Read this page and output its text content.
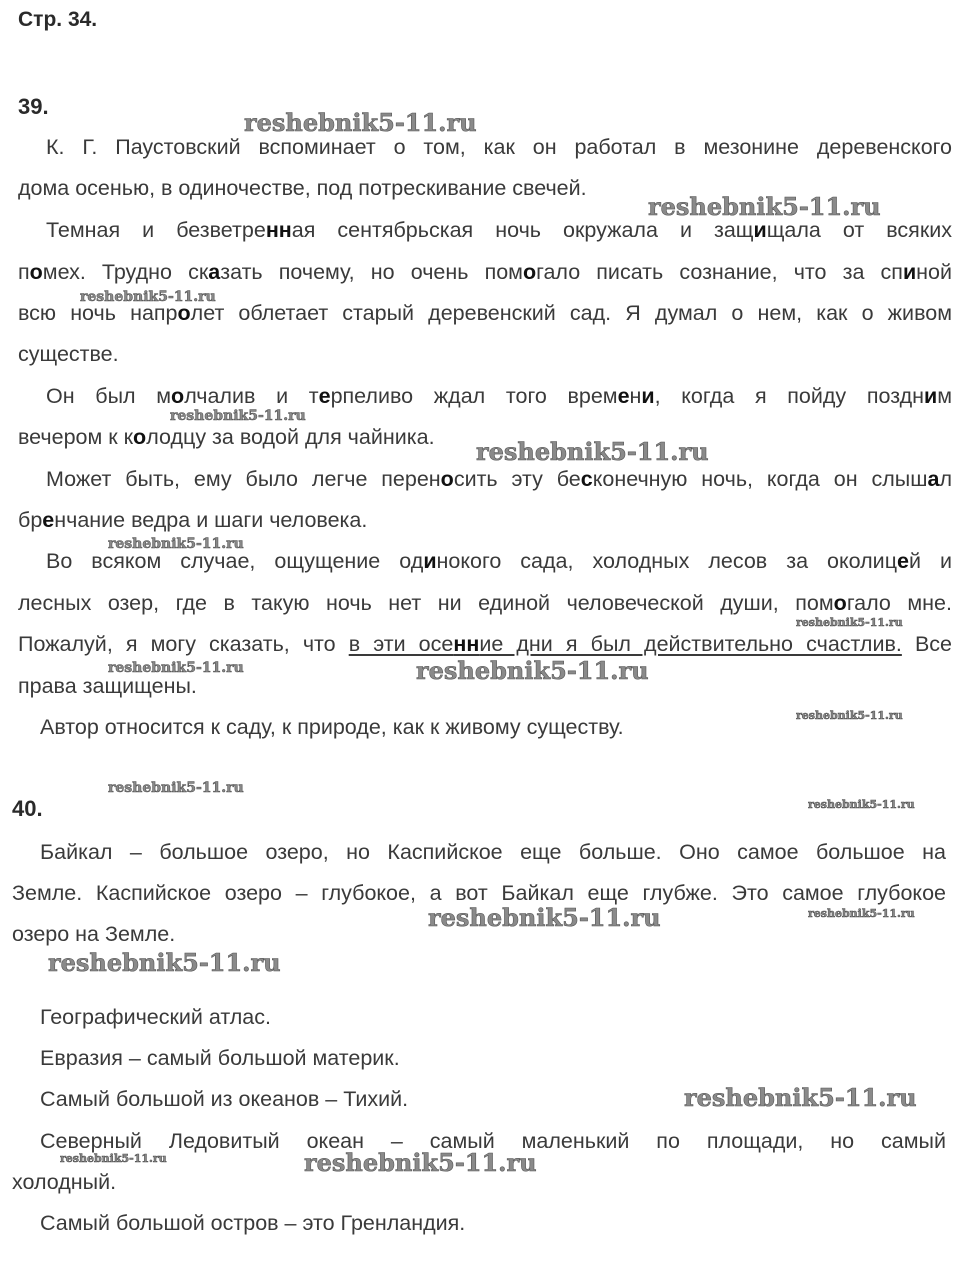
Стр. 34.
39.
К. Г. Паустовский вспоминает о том, как он работал в мезонине деревенского
дома осенью, в одиночестве, под потрескивание свечей.
Темная и безветренная сентябрьская ночь окружала и защищала от всяких
помех. Трудно сказать почему, но очень помогало писать сознание, что за спиной
всю ночь напролет облетает старый деревенский сад. Я думал о нем, как о живом
существе.
Он был молчалив и терпеливо ждал того времени, когда я пойду поздним
вечером к колодцу за водой для чайника.
Может быть, ему было легче переносить эту бесконечную ночь, когда он слышал
бренчание ведра и шаги человека.
Во всяком случае, ощущение одинокого сада, холодных лесов за околицей и
лесных озер, где в такую ночь нет ни единой человеческой души, помогало мне.
Пожалуй, я могу сказать, что в эти осенние дни я был действительно счастлив. Все
права защищены.
Автор относится к саду, к природе, как к живому существу.
40.
Байкал – большое озеро, но Каспийское еще больше. Оно самое большое на
Земле. Каспийское озеро – глубокое, а вот Байкал еще глубже. Это самое глубокое
озеро на Земле.
Географический атлас.
Евразия – самый большой материк.
Самый большой из океанов – Тихий.
Северный Ледовитый океан – самый маленький по площади, но самый
холодный.
Самый большой остров – это Гренландия.
reshebnik5-11.ru
reshebnik5-11.ru
reshebnik5-11.ru
reshebnik5-11.ru
reshebnik5-11.ru
reshebnik5-11.ru
reshebnik5-11.ru
reshebnik5-11.ru	reshebnik5-11.ru
reshebnik5-11.ru
reshebnik5-11.ru
reshebnik5-11.ru
reshebnik5-11.ru	reshebnik5-11.ru
reshebnik5-11.ru
reshebnik5-11.ru
reshebnik5-11.ru	reshebnik5-11.ru
